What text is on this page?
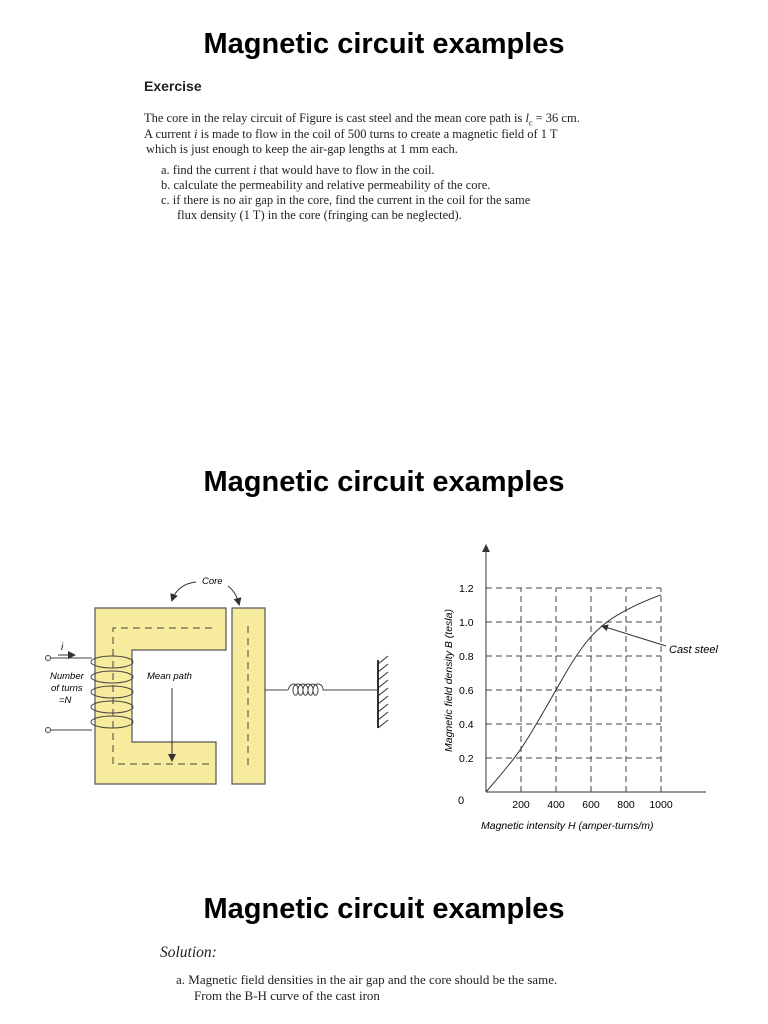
Magnetic circuit examples
Exercise
The core in the relay circuit of Figure is cast steel and the mean core path is $l_c = 36$ cm.
A current i is made to flow in the coil of 500 turns to create a magnetic field of 1 T
which is just enough to keep the air-gap lengths at 1 mm each.
a. find the current i that would have to flow in the coil.
b. calculate the permeability and relative permeability of the core.
c. if there is no air gap in the core, find the current in the coil for the same
flux density (1 T) in the core (fringing can be neglected).
Magnetic circuit examples
i
Number
of turns
=N
Mean path
Core
0.2
0.4
0.6
0.8
1.0
1.2
200 400 600 800 1000
0
Magnetic intensity H (amper-turns/m)
Magnetic field density B (tesla)	Cast steel
Magnetic circuit examples
Solution:
a. Magnetic field densities in the air gap and the core should be the same.
From the B-H curve of the cast iron
